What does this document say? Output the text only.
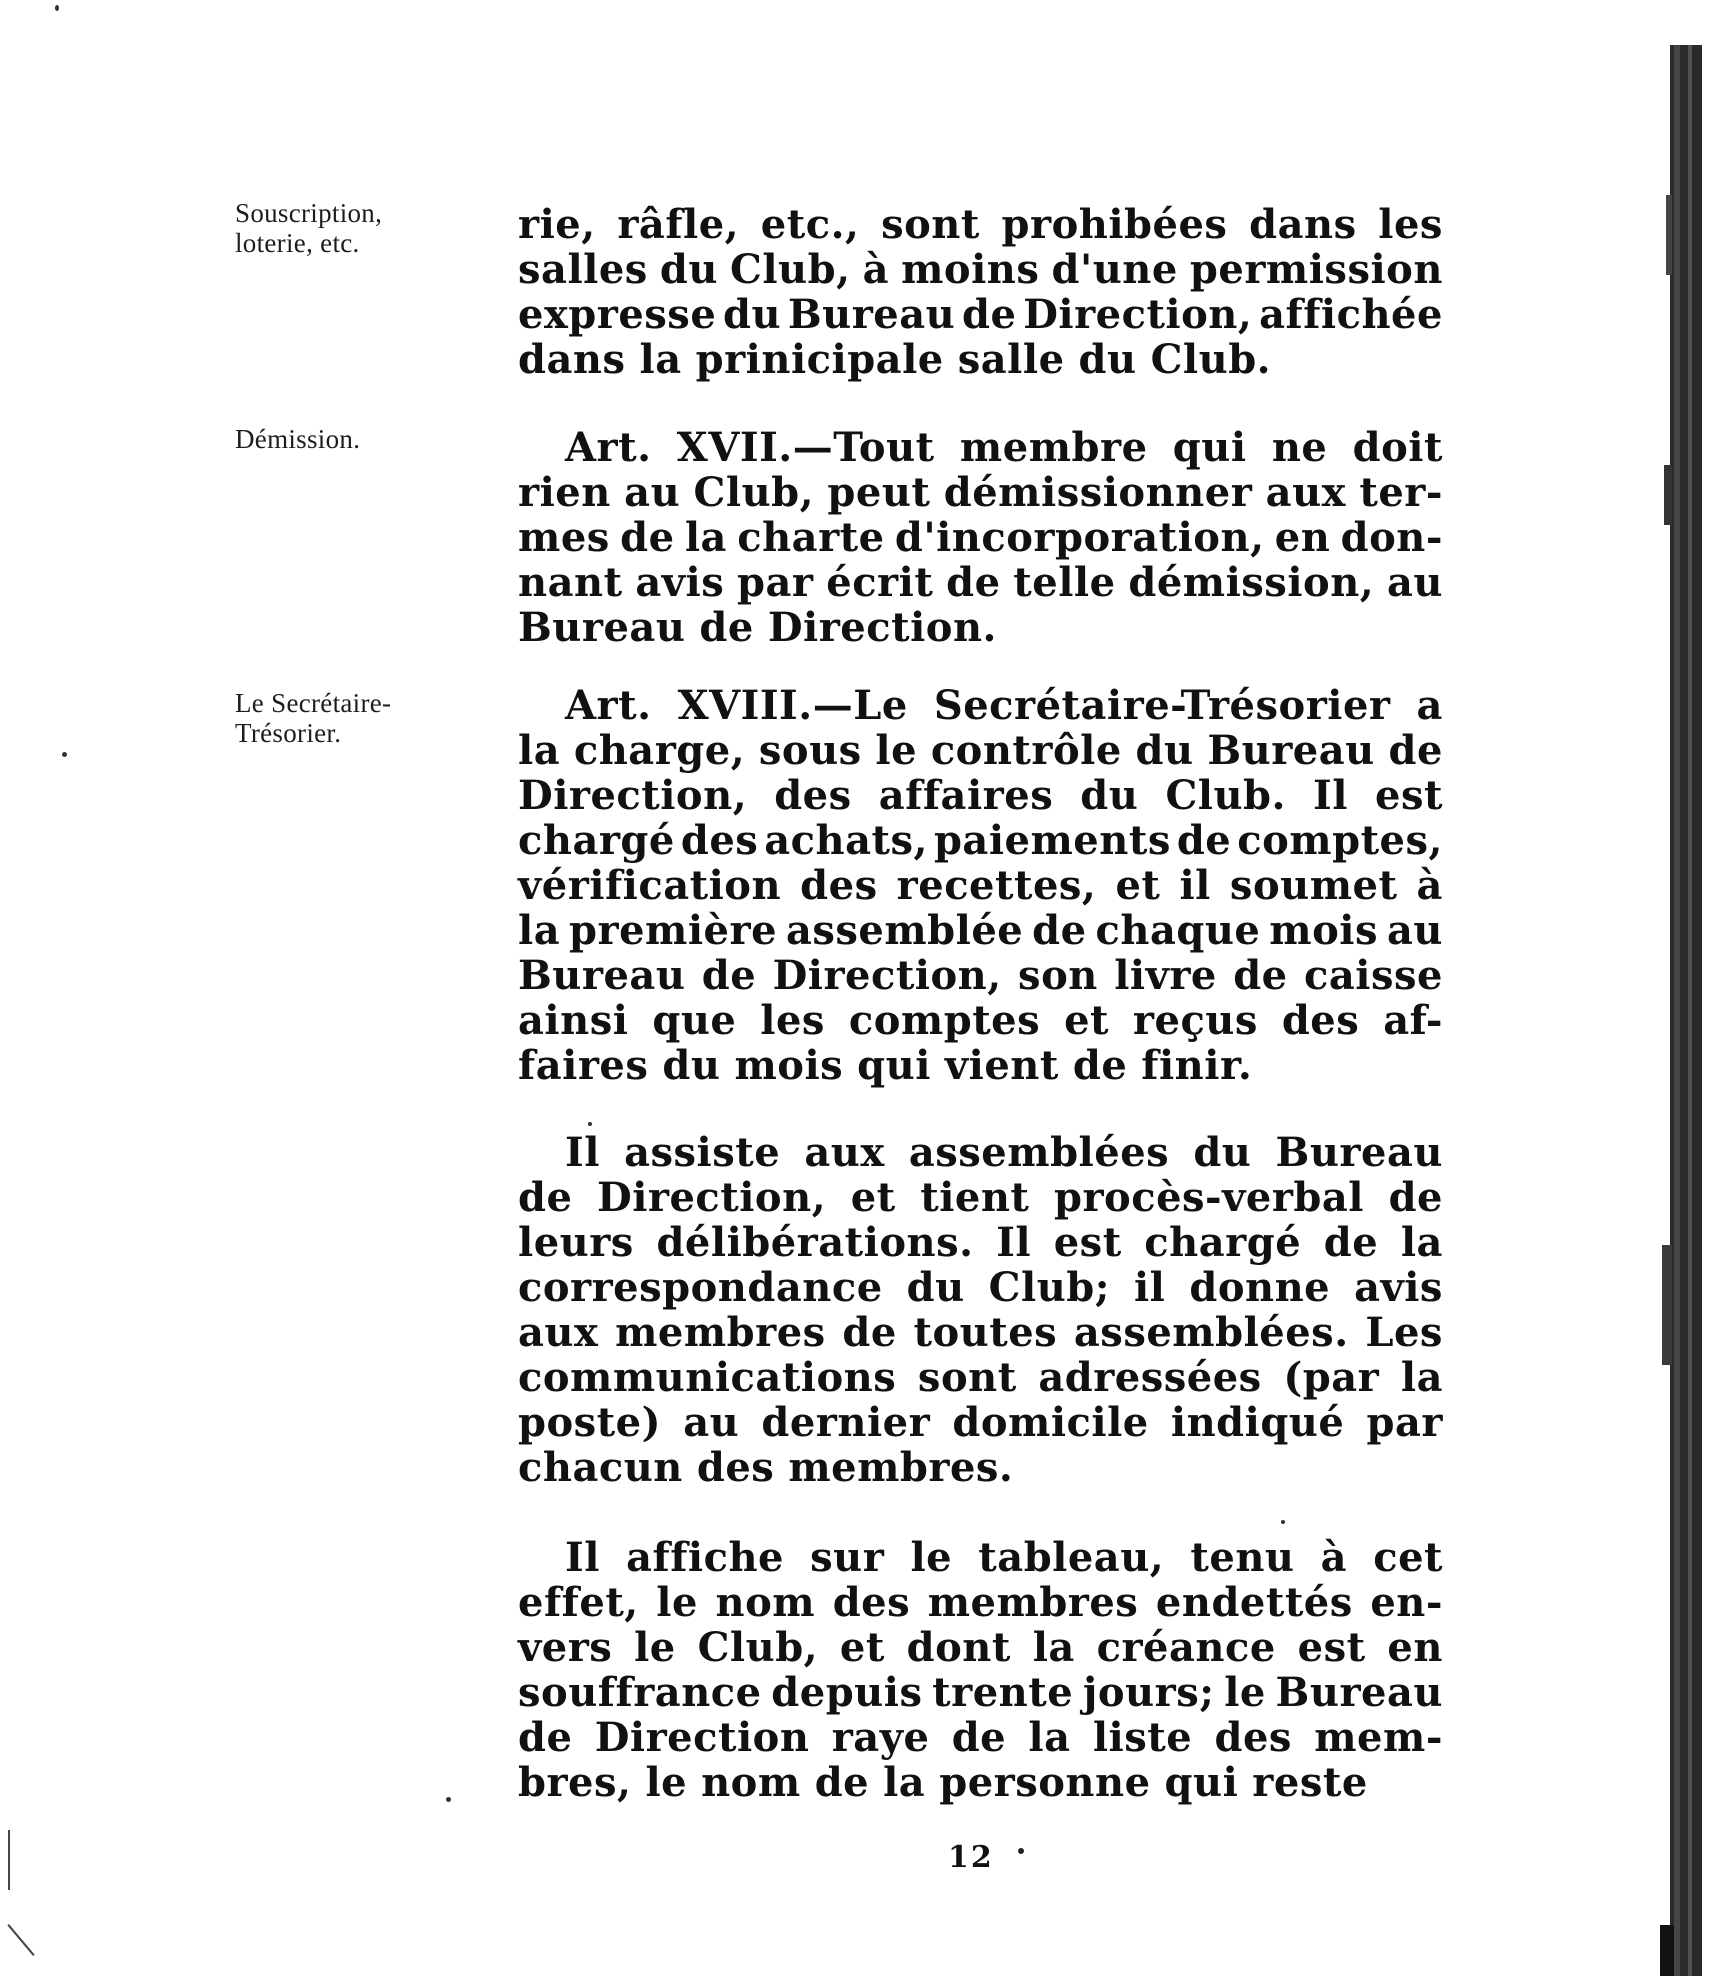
Souscription,
loterie, etc.
Démission.
Le Secrétaire-
Trésorier.
rie, râfle, etc., sont prohibées dans les
salles du Club, à moins d'une permission
expresse du Bureau de Direction, affichée
dans la prinicipale salle du Club.
Art. XVII.—Tout membre qui ne doit
rien au Club, peut démissionner aux ter-
mes de la charte d'incorporation, en don-
nant avis par écrit de telle démission, au
Bureau de Direction.
Art. XVIII.—Le Secrétaire-Trésorier a
la charge, sous le contrôle du Bureau de
Direction, des affaires du Club. Il est
chargé des achats, paiements de comptes,
vérification des recettes, et il soumet à
la première assemblée de chaque mois au
Bureau de Direction, son livre de caisse
ainsi que les comptes et reçus des af-
faires du mois qui vient de finir.
Il assiste aux assemblées du Bureau
de Direction, et tient procès-verbal de
leurs délibérations. Il est chargé de la
correspondance du Club; il donne avis
aux membres de toutes assemblées. Les
communications sont adressées (par la
poste) au dernier domicile indiqué par
chacun des membres.
Il affiche sur le tableau, tenu à cet
effet, le nom des membres endettés en-
vers le Club, et dont la créance est en
souffrance depuis trente jours; le Bureau
de Direction raye de la liste des mem-
bres, le nom de la personne qui reste
12
